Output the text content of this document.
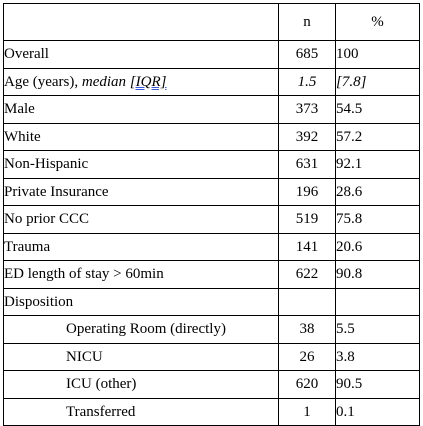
	n	%
Overall	685	100
Age (years), median [IQR]	1.5	[7.8]
Male	373	54.5
White	392	57.2
Non-Hispanic	631	92.1
Private Insurance	196	28.6
No prior CCC	519	75.8
Trauma	141	20.6
ED length of stay > 60min	622	90.8
Disposition		
Operating Room (directly)	38	5.5
NICU	26	3.8
ICU (other)	620	90.5
Transferred	1	0.1
